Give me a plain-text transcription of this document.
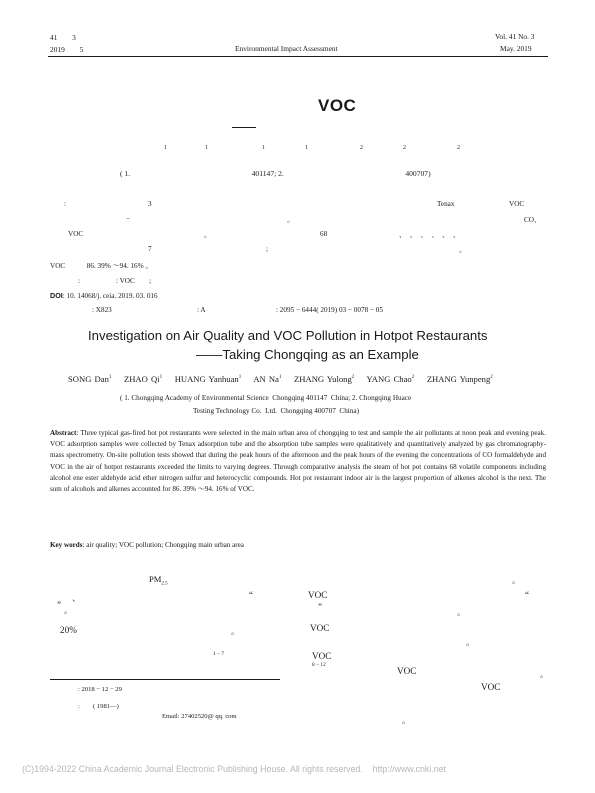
41　　3
2019　　5	Environmental Impact Assessment
Vol. 41 No. 3
May. 2019
VOC
1	1	1	1	2	2	2
( 1.                                                                401147; 2.                                                                400707)
:	3	Tenax	VOC
−	。	CO、
VOC	。	68	、　、　、　、　、　、
7	;	。
VOC　　　86. 39% ～94. 16% 。
:　　　　　: VOC　　;
DOI: 10. 14068/j. ceia. 2019. 03. 016
: X823	: A	: 2095 − 6444( 2019) 03 − 0078 − 05
Investigation on Air Quality and VOC Pollution in Hotpot Restaurants
——Taking Chongqing as an Example
SONG Dan$^1$ ZHAO Qi$^1$ HUANG Yanhuan$^1$ AN Na$^1$ ZHANG Yulong$^2$ YANG Chao$^2$ ZHANG Yunpeng$^2$
( 1. Chongqing Academy of Environmental Science  Chongqing 401147  China; 2. Chongqing Huace
Testing Technology Co.  Ltd.  Chongqing 400707  China)

Abstract: Three typical gas-fired hot pot restaurants were selected in the main urban area of chongqing to test and sample the air pollutants at noon peak and evening peak. VOC adsorption samples were collected by Tenax adsorption tube and the absorption tube samples were qualitatively and quantitatively analyzed by gas chromatography-mass spectrometry. On-site pollution tests showed that during the peak hours of the afternoon and the peak hours of the evening the concentrations of CO formaldehyde and VOC in the air of hotpot restaurants exceeded the limits to varying degrees. Through comparative analysis the steam of hot pot contains 68 volatile components including alcohol ene ester aldehyde acid ether nitrogen sulfur and heterocyclic compounds. Hot pot restaurant indoor air is the largest proportion of alkenes alcohol is the next. The sum of alcohols and alkenes accounted for 86. 39% ～94. 16% of VOC.

Key words: air quality; VOC pollution; Chongqing main urban area
$PM_{2.5}$
、	“
” 。
20%	。
1 − 7
。
VOC	“
”	。
VOC
。
VOC
8 − 12
VOC	。
VOC
。
: 2018 − 12 − 29
:　　( 1981—)
Email: 27402520@ qq. com
(C)1994-2022 China Academic Journal Electronic Publishing House. All rights reserved.    http://www.cnki.net
